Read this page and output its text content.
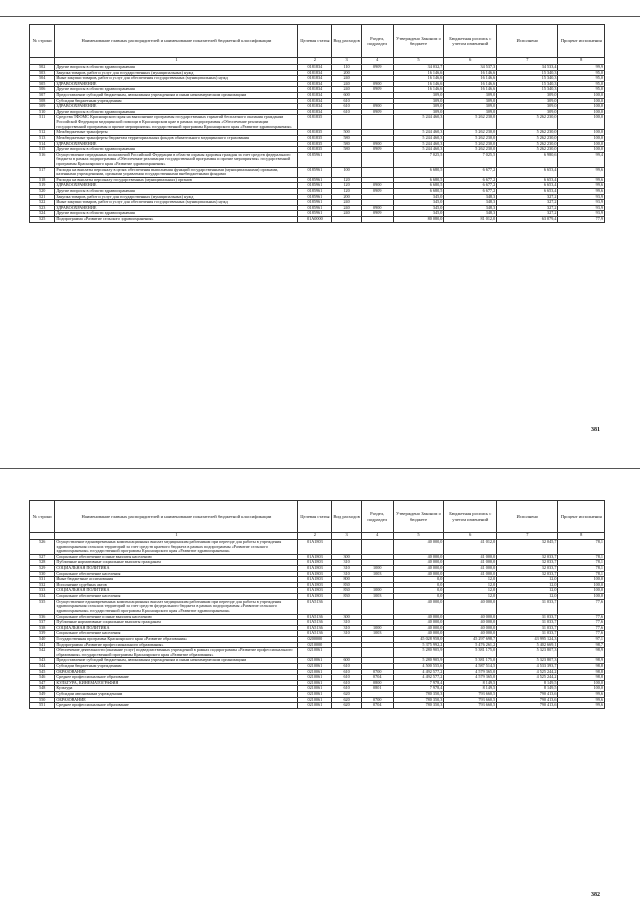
№ строки	Наименование главных распорядителей и наименование показателей бюджетной классификации	Целевая статья	Вид расходов	Раздел, подраздел	Утверждено Законом о бюджете	Бюджетная роспись с учетом изменений	Исполнено	Процент исполнения
	1	2	3	4	5	6	7	8
502	Другие вопросы в области здравоохранения	0181834	110	0909	34 032,7	34 537,3	34 533,4	99,9
503	Закупка товаров, работ и услуг для государственных (муниципальных) нужд	0181834	200		16 146,6	16 146,6	15 340,3	95,0
504	Иные закупки товаров, работ и услуг для обеспечения государственных (муниципальных) нужд	0181834	240		16 146,6	16 146,6	15 340,3	95,0
505	ЗДРАВООХРАНЕНИЕ	0181834	240	0900	16 146,6	16 146,6	15 340,3	95,0
506	Другие вопросы в области здравоохранения	0181834	240	0909	16 146,6	16 146,6	15 340,3	95,0
507	Предоставление субсидий бюджетным, автономным учреждениям и иным некоммерческим организациям	0181834	600		309,0	309,0	309,0	100,0
508	Субсидии бюджетным учреждениям	0181834	610		309,0	309,0	309,0	100,0
509	ЗДРАВООХРАНЕНИЕ	0181834	610	0900	309,0	309,0	309,0	100,0
510	Другие вопросы в области здравоохранения	0181834	610	0909	309,0	309,0	309,0	100,0
511	Средства ТФОМС Красноярского края на выполнение программы государственных гарантий бесплатного оказания гражданам Российской Федерации медицинской помощи в Красноярском крае в рамках подпрограммы «Обеспечение реализации государственной программы и прочие мероприятия» государственной программы Красноярского края «Развитие здравоохранения»	0181835			5 244 460,3	5 262 230,0	5 262 230,0	100,0
512	Межбюджетные трансферты	0181835	500		5 244 460,3	5 262 230,0	5 262 230,0	100,0
513	Межбюджетные трансферты бюджетам территориальных фондов обязательного медицинского страхования	0181835	580		5 244 460,3	5 262 230,0	5 262 230,0	100,0
514	ЗДРАВООХРАНЕНИЕ	0181835	580	0900	5 244 460,3	5 262 230,0	5 262 230,0	100,0
515	Другие вопросы в области здравоохранения	0181835	580	0909	5 244 460,3	5 262 230,0	5 262 230,0	100,0
516	Осуществление переданных полномочий Российской Федерации в области охраны здоровья граждан за счет средств федерального бюджета в рамках подпрограммы «Обеспечение реализации государственной программы и прочие мероприятия» государственной программы Красноярского края «Развитие здравоохранения»	0185961			7 025,5	7 025,5	6 980,6	99,4
517	Расходы на выплаты персоналу в целях обеспечения выполнения функций государственными (муниципальными) органами, казенными учреждениями, органами управления государственными внебюджетными фондами	0185961	100		6 680,5	6 677,2	6 653,4	99,6
518	Расходы на выплаты персоналу государственных (муниципальных) органов	0185961	120		6 680,5	6 677,2	6 653,4	99,6
519	ЗДРАВООХРАНЕНИЕ	0185961	120	0900	6 680,5	6 677,2	6 653,4	99,6
520	Другие вопросы в области здравоохранения	0185961	120	0909	6 680,5	6 677,2	6 653,4	99,6
521	Закупка товаров, работ и услуг для государственных (муниципальных) нужд	0185961	200		345,0	348,3	327,2	93,9
522	Иные закупки товаров, работ и услуг для обеспечения государственных (муниципальных) нужд	0185961	240		345,0	348,3	327,2	93,9
523	ЗДРАВООХРАНЕНИЕ	0185961	240	0900	345,0	348,3	327,2	93,9
524	Другие вопросы в области здравоохранения	0185961	240	0909	345,0	348,3	327,2	93,9
525	Подпрограмма «Развитие сельского здравоохранения»	01А0000			80 080,0	81 012,0	63 079,4	77,9
381
№ строки	Наименование главных распорядителей и наименование показателей бюджетной классификации	Целевая статья	Вид расходов	Раздел, подраздел	Утверждено Законом о бюджете	Бюджетная роспись с учетом изменений	Исполнено	Процент исполнения
	1	2	3	4	5	6	7	8
526	Осуществление единовременных компенсационных выплат медицинским работникам при переезде для работы в учреждения здравоохранения сельских территорий за счет средств краевого бюджета в рамках подпрограммы «Развитие сельского здравоохранения» государственной программы Красноярского края «Развитие здравоохранения»	01А1803			40 000,0	41 012,0	32 045,7	78,1
527	Социальное обеспечение и иные выплаты населению	01А1803	300		40 000,0	41 000,0	32 033,7	78,1
528	Публичные нормативные социальные выплаты гражданам	01А1803	310		40 000,0	41 000,0	32 033,7	78,1
529	СОЦИАЛЬНАЯ ПОЛИТИКА	01А1803	310	1000	40 000,0	41 000,0	32 033,7	78,1
530	Социальное обеспечение населения	01А1803	310	1003	40 000,0	41 000,0	32 033,7	78,1
531	Иные бюджетные ассигнования	01А1803	800		0,0	12,0	12,0	100,0
532	Исполнение судебных актов	01А1803	830		0,0	12,0	12,0	100,0
533	СОЦИАЛЬНАЯ ПОЛИТИКА	01А1803	830	1000	0,0	12,0	12,0	100,0
534	Социальное обеспечение населения	01А1803	830	1003	0,0	12,0	12,0	100,0
535	Осуществление единовременных компенсационных выплат медицинским работникам при переезде для работы в учреждения здравоохранения сельских территорий за счет средств федерального бюджета в рамках подпрограммы «Развитие сельского здравоохранения» государственной программы Красноярского края «Развитие здравоохранения»	01А5136			40 000,0	40 000,0	31 033,7	77,6
536	Социальное обеспечение и иные выплаты населению	01А5136	300		40 000,0	40 000,0	31 033,7	77,6
537	Публичные нормативные социальные выплаты гражданам	01А5136	310		40 000,0	40 000,0	31 033,7	77,6
538	СОЦИАЛЬНАЯ ПОЛИТИКА	01А5136	310	1000	40 000,0	40 000,0	31 033,7	77,6
539	Социальное обеспечение населения	01А5136	310	1003	40 000,0	40 000,0	31 033,7	77,6
540	Государственная программа Красноярского края «Развитие образования»	0200000			45 028 958,0	45 297 698,7	43 995 124,3	97,1
541	Подпрограмма «Развитие профессионального образования»	0210000			5 375 992,2	5 476 261,2	5 402 669,1	98,7
542	Обеспечение деятельности (оказание услуг) подведомственных учреждений в рамках подпрограммы «Развитие профессионального образования» государственной программы Красноярского края «Развитие образования»	0210061			5 280 905,9	5 381 175,0	5 323 807,3	98,9
543	Предоставление субсидий бюджетным, автономным учреждениям и иным некоммерческим организациям	0210061	600		5 280 905,9	5 381 175,0	5 323 807,3	98,9
544	Субсидии бюджетным учреждениям	0210061	610		4 500 555,6	4 587 514,5	4 533 393,7	98,8
545	ОБРАЗОВАНИЕ	0210061	610	0700	4 492 577,2	4 579 365,0	4 525 244,2	98,8
546	Среднее профессиональное образование	0210061	610	0704	4 492 577,2	4 579 365,0	4 525 244,2	98,8
547	КУЛЬТУРА, КИНЕМАТОГРАФИЯ	0210061	610	0800	7 978,4	8 149,5	8 149,5	100,0
548	Культура	0210061	610	0801	7 978,4	8 149,5	8 149,5	100,0
549	Субсидии автономным учреждениям	0210061	620		780 350,3	793 660,5	790 413,6	99,6
550	ОБРАЗОВАНИЕ	0210061	620	0700	780 350,3	793 660,5	790 413,6	99,6
551	Среднее профессиональное образование	0210061	620	0704	780 350,3	793 660,5	790 413,6	99,6
382
